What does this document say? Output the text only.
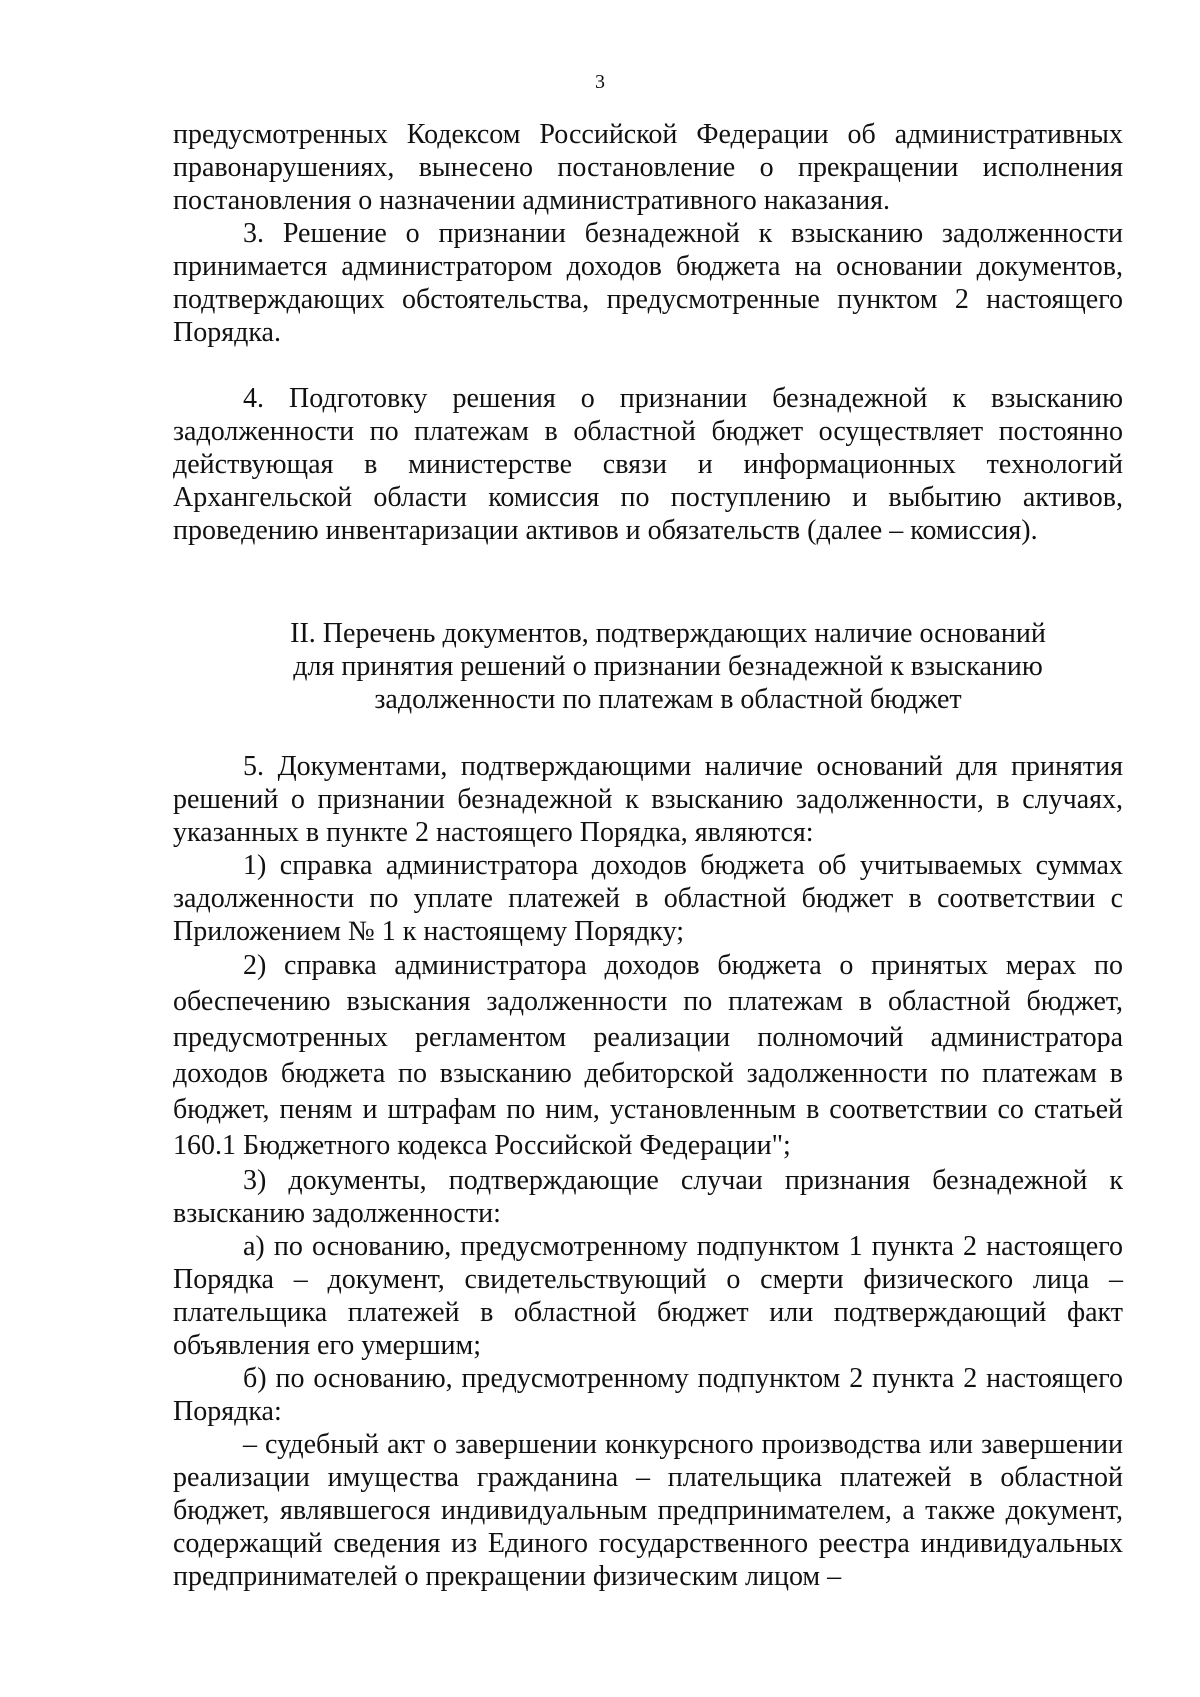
3

предусмотренных Кодексом Российской Федерации об административных правонарушениях, вынесено постановление о прекращении исполнения постановления о назначении административного наказания.

3. Решение о признании безнадежной к взысканию задолженности принимается администратором доходов бюджета на основании документов, подтверждающих обстоятельства, предусмотренные пунктом 2 настоящего Порядка.

4. Подготовку решения о признании безнадежной к взысканию задолженности по платежам в областной бюджет осуществляет постоянно действующая в министерстве связи и информационных технологий Архангельской области комиссия по поступлению и выбытию активов, проведению инвентаризации активов и обязательств (далее – комиссия).

II. Перечень документов, подтверждающих наличие оснований
для принятия решений о признании безнадежной к взысканию
задолженности по платежам в областной бюджет

5. Документами, подтверждающими наличие оснований для принятия решений о признании безнадежной к взысканию задолженности, в случаях, указанных в пункте 2 настоящего Порядка, являются:

1) справка администратора доходов бюджета об учитываемых суммах задолженности по уплате платежей в областной бюджет в соответствии с Приложением № 1 к настоящему Порядку;

2) справка администратора доходов бюджета о принятых мерах по обеспечению взыскания задолженности по платежам в областной бюджет, предусмотренных регламентом реализации полномочий администратора доходов бюджета по взысканию дебиторской задолженности по платежам в бюджет, пеням и штрафам по ним, установленным в соответствии со статьей 160.1 Бюджетного кодекса Российской Федерации";

3) документы, подтверждающие случаи признания безнадежной к взысканию задолженности:

а) по основанию, предусмотренному подпунктом 1 пункта 2 настоящего Порядка – документ, свидетельствующий о смерти физического лица – плательщика платежей в областной бюджет или подтверждающий факт объявления его умершим;

б) по основанию, предусмотренному подпунктом 2 пункта 2 настоящего Порядка:

– судебный акт о завершении конкурсного производства или завершении реализации имущества гражданина – плательщика платежей в областной бюджет, являвшегося индивидуальным предпринимателем, а также документ, содержащий сведения из Единого государственного реестра индивидуальных предпринимателей о прекращении физическим лицом –
